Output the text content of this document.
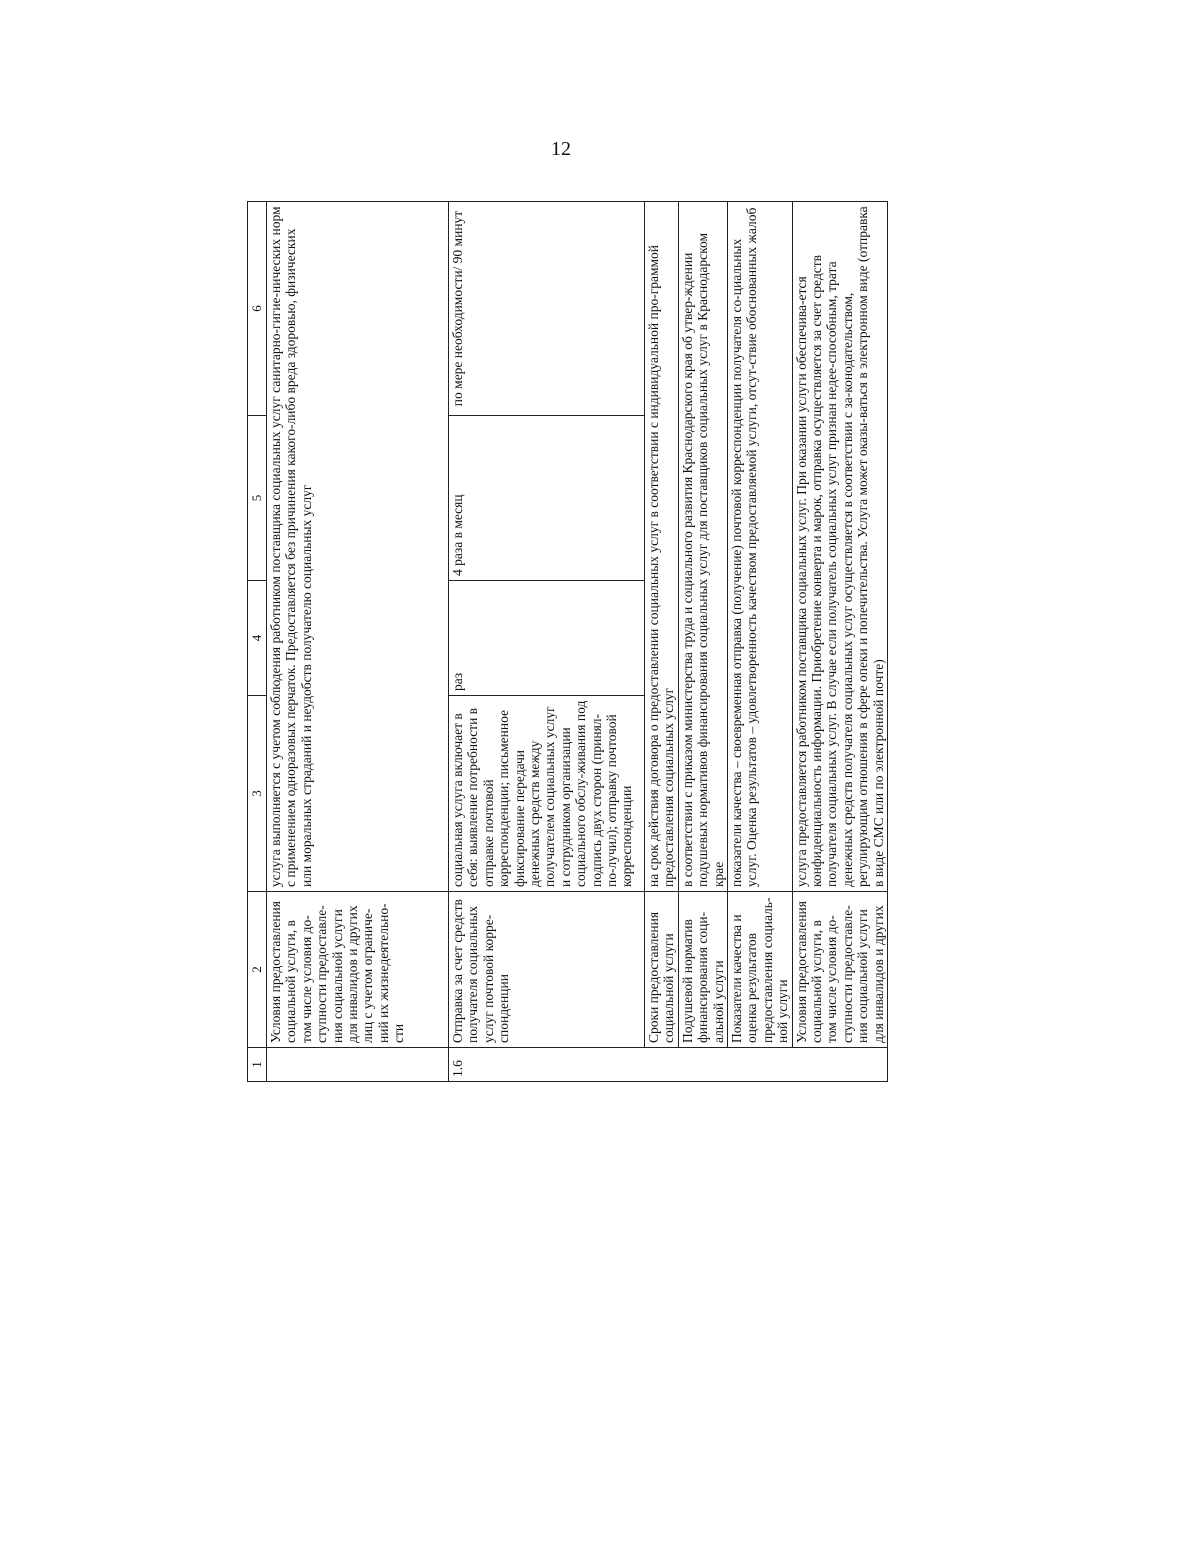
12
1	2	3	4	5	6
	Условия предоставления социальной услуги, в том числе условия до-ступности предоставле-ния социальной услуги для инвалидов и других лиц с учетом ограниче-ний их жизнедеятельно-сти	услуга выполняется с учетом соблюдения работником поставщика социальных услуг санитарно-гигие-нических норм с применением одноразовых перчаток. Предоставляется без причинения какого-либо вреда здоровью, физических или моральных страданий и неудобств получателю социальных услуг			
1.6	Отправка за счет средств получателя социальных услуг почтовой корре-спонденции	социальная услуга включает в себя: выявление потребности в отправке почтовой корреспонденции; письменное фиксирование передачи денежных средств между получателем социальных услуг и сотрудником организации социального обслу-живания под подпись двух сторон (принял-по-лучил); отправку почтовой корреспонденции	раз	4 раза в месяц	по мере необходимости/ 90 минут
	Сроки предоставления социальной услуги	на срок действия договора о предоставлении социальных услуг в соответствии с индивидуальной про-граммой предоставления социальных услуг			
	Подушевой норматив финансирования соци-альной услуги	в соответствии с приказом министерства труда и социального развития Краснодарского края об утвер-ждении подушевых нормативов финансирования социальных услуг для поставщиков социальных услуг в Краснодарском крае			
	Показатели качества и оценка результатов предоставления социаль-ной услуги	показатели качества – своевременная отправка (получение) почтовой корреспонденции получателя со-циальных услуг. Оценка результатов – удовлетворенность качеством предоставляемой услуги, отсут-ствие обоснованных жалоб			
	Условия предоставления социальной услуги, в том числе условия до-ступности предоставле-ния социальной услуги для инвалидов и других	услуга предоставляется работником поставщика социальных услуг. При оказании услуги обеспечива-ется конфиденциальность информации. Приобретение конверта и марок, отправка осуществляется за счет средств получателя социальных услуг. В случае если получатель социальных услуг признан недее-способным, трата денежных средств получателя социальных услуг осуществляется в соответствии с за-конодательством, регулирующим отношения в сфере опеки и попечительства. Услуга может оказы-ваться в электронном виде (отправка в виде СМС или по электронной почте)			
